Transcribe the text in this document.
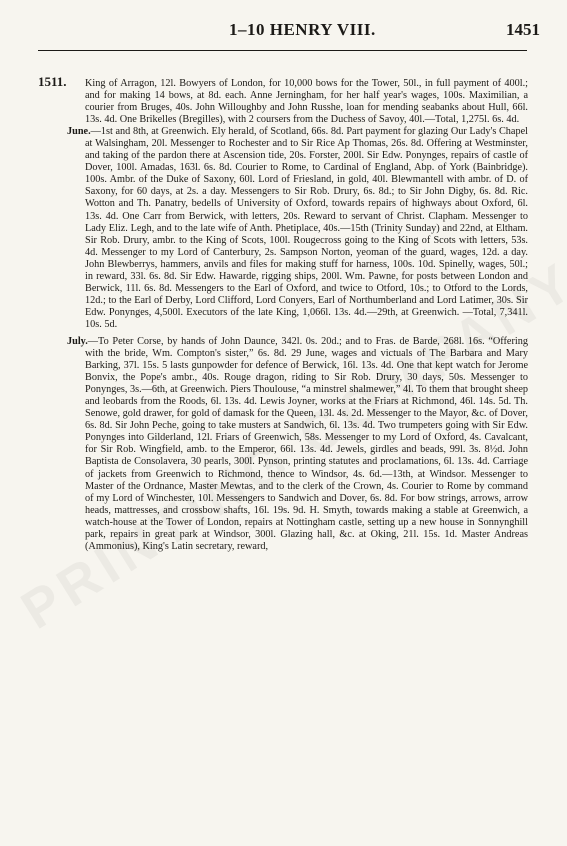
1–10 HENRY VIII.	1451
1511. King of Arragon, 12l. Bowyers of London, for 10,000 bows for the Tower, 50l., in full payment of 400l.; and for making 14 bows, at 8d. each. Anne Jerningham, for her half year's wages, 100s. Maximilian, a courier from Bruges, 40s. John Willoughby and John Russhe, loan for mending seabanks about Hull, 66l. 13s. 4d. One Brikelles (Bregilles), with 2 coursers from the Duchess of Savoy, 40l.—Total, 1,275l. 6s. 4d.

June.—1st and 8th, at Greenwich. Ely herald, of Scotland, 66s. 8d. Part payment for glazing Our Lady's Chapel at Walsingham, 20l. Messenger to Rochester and to Sir Rice Ap Thomas, 26s. 8d. Offering at Westminster, and taking of the pardon there at Ascension tide, 20s. Forster, 200l. Sir Edw. Ponynges, repairs of castle of Dover, 100l. Amadas, 163l. 6s. 8d. Courier to Rome, to Cardinal of England, Abp. of York (Bainbridge). 100s. Ambr. of the Duke of Saxony, 60l. Lord of Friesland, in gold, 40l. Blewmantell with ambr. of D. of Saxony, for 60 days, at 2s. a day. Messengers to Sir Rob. Drury, 6s. 8d.; to Sir John Digby, 6s. 8d. Ric. Wotton and Th. Panatry, bedells of University of Oxford, towards repairs of highways about Oxford, 6l. 13s. 4d. One Carr from Berwick, with letters, 20s. Reward to servant of Christ. Clapham. Messenger to Lady Eliz. Legh, and to the late wife of Anth. Phetiplace, 40s.—15th (Trinity Sunday) and 22nd, at Eltham. Sir Rob. Drury, ambr. to the King of Scots, 100l. Rougecross going to the King of Scots with letters, 53s. 4d. Messenger to my Lord of Canterbury, 2s. Sampson Norton, yeoman of the guard, wages, 12d. a day. John Blewberrys, hammers, anvils and files for making stuff for harness, 100s. 10d. Spinelly, wages, 50l.; in reward, 33l. 6s. 8d. Sir Edw. Hawarde, rigging ships, 200l. Wm. Pawne, for posts between London and Berwick, 11l. 6s. 8d. Messengers to the Earl of Oxford, and twice to Otford, 10s.; to Otford to the Lords, 12d.; to the Earl of Derby, Lord Clifford, Lord Conyers, Earl of Northumberland and Lord Latimer, 30s. Sir Edw. Ponynges, 4,500l. Executors of the late King, 1,066l. 13s. 4d.—29th, at Greenwich. —Total, 7,341l. 10s. 5d.

July.—To Peter Corse, by hands of John Daunce, 342l. 0s. 20d.; and to Fras. de Barde, 268l. 16s. “Offering with the bride, Wm. Compton's sister,” 6s. 8d. 29 June, wages and victuals of The Barbara and Mary Barking, 37l. 15s. 5 lasts gunpowder for defence of Berwick, 16l. 13s. 4d. One that kept watch for Jerome Bonvix, the Pope's ambr., 40s. Rouge dragon, riding to Sir Rob. Drury, 30 days, 50s. Messenger to Ponynges, 3s.—6th, at Greenwich. Piers Thoulouse, “a minstrel shalmewer,” 4l. To them that brought sheep and leobards from the Roods, 6l. 13s. 4d. Lewis Joyner, works at the Friars at Richmond, 46l. 14s. 5d. Th. Senowe, gold drawer, for gold of damask for the Queen, 13l. 4s. 2d. Messenger to the Mayor, &c. of Dover, 6s. 8d. Sir John Peche, going to take musters at Sandwich, 6l. 13s. 4d. Two trumpeters going with Sir Edw. Ponynges into Gilderland, 12l. Friars of Greenwich, 58s. Messenger to my Lord of Oxford, 4s. Cavalcant, for Sir Rob. Wingfield, amb. to the Emperor, 66l. 13s. 4d. Jewels, girdles and beads, 99l. 3s. 8½d. John Baptista de Consolavera, 30 pearls, 300l. Pynson, printing statutes and proclamations, 6l. 13s. 4d. Carriage of jackets from Greenwich to Richmond, thence to Windsor, 4s. 6d.—13th, at Windsor. Messenger to Master of the Ordnance, Master Mewtas, and to the clerk of the Crown, 4s. Courier to Rome by command of my Lord of Winchester, 10l. Messengers to Sandwich and Dover, 6s. 8d. For bow strings, arrows, arrow heads, mattresses, and crossbow shafts, 16l. 19s. 9d. H. Smyth, towards making a stable at Greenwich, a watch-house at the Tower of London, repairs at Nottingham castle, setting up a new house in Sonnynghill park, repairs in great park at Windsor, 300l. Glazing hall, &c. at Oking, 21l. 15s. 1d. Master Andreas (Ammonius), King's Latin secretary, reward,
